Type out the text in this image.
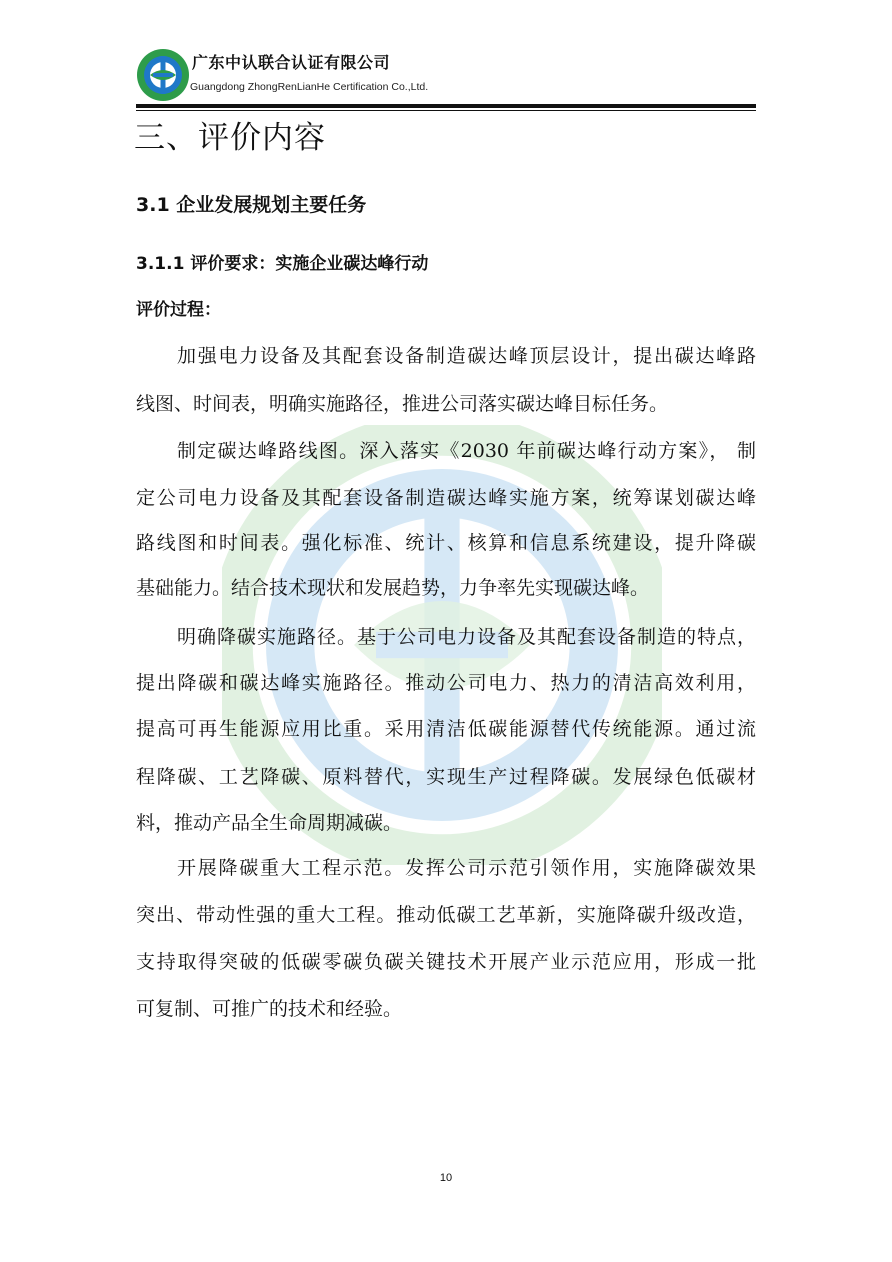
广东中认联合认证有限公司
Guangdong ZhongRenLianHe Certification Co.,Ltd.
三、评价内容
3.1 企业发展规划主要任务
3.1.1 评价要求：实施企业碳达峰行动
评价过程：
加强电力设备及其配套设备制造碳达峰顶层设计，提出碳达峰路
线图、时间表，明确实施路径，推进公司落实碳达峰目标任务。
制定碳达峰路线图。深入落实《2030 年前碳达峰行动方案》， 制
定公司电力设备及其配套设备制造碳达峰实施方案，统筹谋划碳达峰
路线图和时间表。强化标准、统计、核算和信息系统建设，提升降碳
基础能力。结合技术现状和发展趋势，力争率先实现碳达峰。
明确降碳实施路径。基于公司电力设备及其配套设备制造的特点，
提出降碳和碳达峰实施路径。推动公司电力、热力的清洁高效利用，
提高可再生能源应用比重。采用清洁低碳能源替代传统能源。通过流
程降碳、工艺降碳、原料替代，实现生产过程降碳。发展绿色低碳材
料，推动产品全生命周期减碳。
开展降碳重大工程示范。发挥公司示范引领作用，实施降碳效果
突出、带动性强的重大工程。推动低碳工艺革新，实施降碳升级改造，
支持取得突破的低碳零碳负碳关键技术开展产业示范应用，形成一批
可复制、可推广的技术和经验。
10
